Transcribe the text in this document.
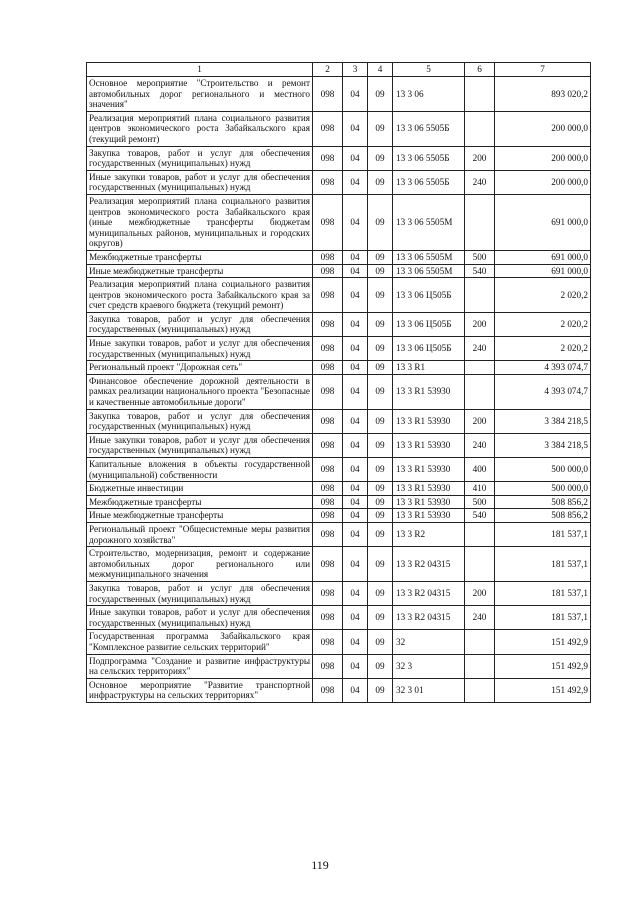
1	2	3	4	5	6	7
Основное мероприятие "Строительство и ремонт автомобильных дорог регионального и местного значения"	098	04	09	13 3 06		893 020,2
Реализация мероприятий плана социального развития центров экономического роста Забайкальского края (текущий ремонт)	098	04	09	13 3 06 5505Б		200 000,0
Закупка товаров, работ и услуг для обеспечения государственных (муниципальных) нужд	098	04	09	13 3 06 5505Б	200	200 000,0
Иные закупки товаров, работ и услуг для обеспечения государственных (муниципальных) нужд	098	04	09	13 3 06 5505Б	240	200 000,0
Реализация мероприятий плана социального развития центров экономического роста Забайкальского края (иные межбюджетные трансферты бюджетам муниципальных районов, муниципальных и городских округов)	098	04	09	13 3 06 5505М		691 000,0
Межбюджетные трансферты	098	04	09	13 3 06 5505М	500	691 000,0
Иные межбюджетные трансферты	098	04	09	13 3 06 5505М	540	691 000,0
Реализация мероприятий плана социального развития центров экономического роста Забайкальского края за счет средств краевого бюджета (текущий ремонт)	098	04	09	13 3 06 Ц505Б		2 020,2
Закупка товаров, работ и услуг для обеспечения государственных (муниципальных) нужд	098	04	09	13 3 06 Ц505Б	200	2 020,2
Иные закупки товаров, работ и услуг для обеспечения государственных (муниципальных) нужд	098	04	09	13 3 06 Ц505Б	240	2 020,2
Региональный проект "Дорожная сеть"	098	04	09	13 3 R1		4 393 074,7
Финансовое обеспечение дорожной деятельности в рамках реализации национального проекта "Безопасные и качественные автомобильные дороги"	098	04	09	13 3 R1 53930		4 393 074,7
Закупка товаров, работ и услуг для обеспечения государственных (муниципальных) нужд	098	04	09	13 3 R1 53930	200	3 384 218,5
Иные закупки товаров, работ и услуг для обеспечения государственных (муниципальных) нужд	098	04	09	13 3 R1 53930	240	3 384 218,5
Капитальные вложения в объекты государственной (муниципальной) собственности	098	04	09	13 3 R1 53930	400	500 000,0
Бюджетные инвестиции	098	04	09	13 3 R1 53930	410	500 000,0
Межбюджетные трансферты	098	04	09	13 3 R1 53930	500	508 856,2
Иные межбюджетные трансферты	098	04	09	13 3 R1 53930	540	508 856,2
Региональный проект "Общесистемные меры развития дорожного хозяйства"	098	04	09	13 3 R2		181 537,1
Строительство, модернизация, ремонт и содержание автомобильных дорог регионального или межмуниципального значения	098	04	09	13 3 R2 04315		181 537,1
Закупка товаров, работ и услуг для обеспечения государственных (муниципальных) нужд	098	04	09	13 3 R2 04315	200	181 537,1
Иные закупки товаров, работ и услуг для обеспечения государственных (муниципальных) нужд	098	04	09	13 3 R2 04315	240	181 537,1
Государственная программа Забайкальского края "Комплексное развитие сельских территорий"	098	04	09	32		151 492,9
Подпрограмма "Создание и развитие инфраструктуры на сельских территориях"	098	04	09	32 3		151 492,9
Основное мероприятие "Развитие транспортной инфраструктуры на сельских территориях"	098	04	09	32 3 01		151 492,9
119
